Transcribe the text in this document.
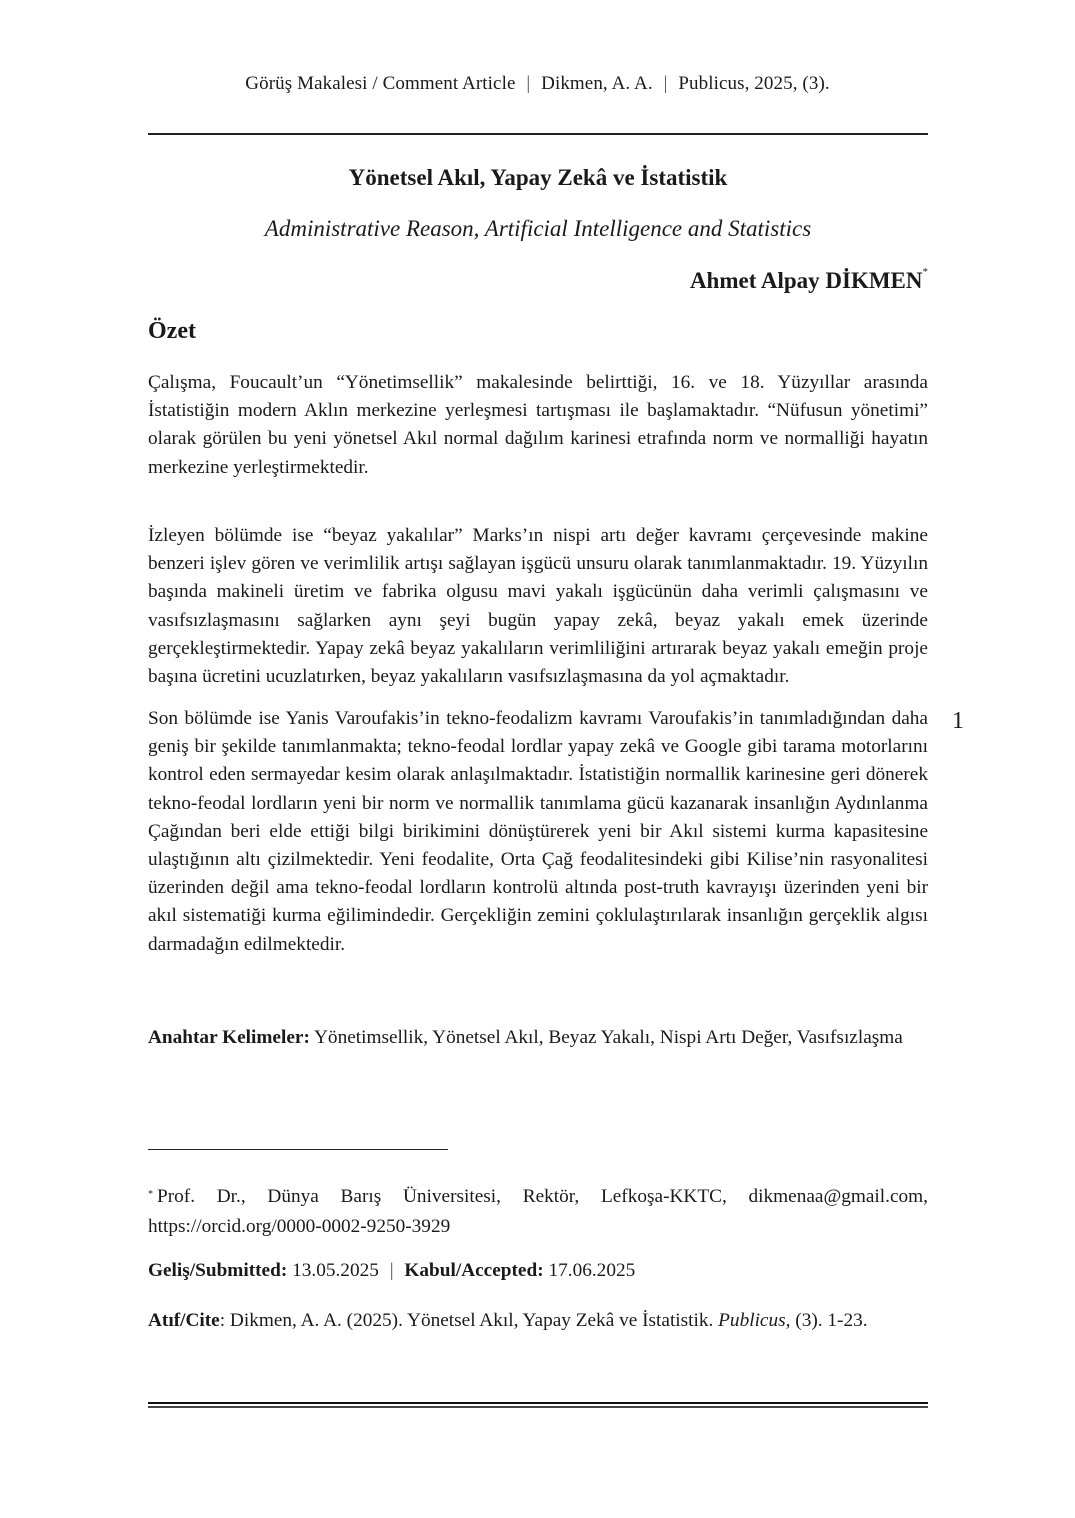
Görüş Makalesi / Comment Article | Dikmen, A. A. | Publicus, 2025, (3).
Yönetsel Akıl, Yapay Zekâ ve İstatistik
Administrative Reason, Artificial Intelligence and Statistics
Ahmet Alpay DİKMEN*
Özet

Çalışma, Foucault’un “Yönetimsellik” makalesinde belirttiği, 16. ve 18. Yüzyıllar arasında İstatistiğin modern Aklın merkezine yerleşmesi tartışması ile başlamaktadır. “Nüfusun yönetimi” olarak görülen bu yeni yönetsel Akıl normal dağılım karinesi etrafında norm ve normalliği hayatın merkezine yerleştirmektedir.

İzleyen bölümde ise “beyaz yakalılar” Marks’ın nispi artı değer kavramı çerçevesinde makine benzeri işlev gören ve verimlilik artışı sağlayan işgücü unsuru olarak tanımlanmaktadır. 19. Yüzyılın başında makineli üretim ve fabrika olgusu mavi yakalı işgücünün daha verimli çalışmasını ve vasıfsızlaşmasını sağlarken aynı şeyi bugün yapay zekâ, beyaz yakalı emek üzerinde gerçekleştirmektedir. Yapay zekâ beyaz yakalıların verimliliğini artırarak beyaz yakalı emeğin proje başına ücretini ucuzlatırken, beyaz yakalıların vasıfsızlaşmasına da yol açmaktadır.

Son bölümde ise Yanis Varoufakis’in tekno-feodalizm kavramı Varoufakis’in tanımladığından daha geniş bir şekilde tanımlanmakta; tekno-feodal lordlar yapay zekâ ve Google gibi tarama motorlarını kontrol eden sermayedar kesim olarak anlaşılmaktadır. İstatistiğin normallik karinesine geri dönerek tekno-feodal lordların yeni bir norm ve normallik tanımlama gücü kazanarak insanlığın Aydınlanma Çağından beri elde ettiği bilgi birikimini dönüştürerek yeni bir Akıl sistemi kurma kapasitesine ulaştığının altı çizilmektedir. Yeni feodalite, Orta Çağ feodalitesindeki gibi Kilise’nin rasyonalitesi üzerinden değil ama tekno-feodal lordların kontrolü altında post-truth kavrayışı üzerinden yeni bir akıl sistematiği kurma eğilimindedir. Gerçekliğin zemini çoklulaştırılarak insanlığın gerçeklik algısı darmadağın edilmektedir.

Anahtar Kelimeler: Yönetimsellik, Yönetsel Akıl, Beyaz Yakalı, Nispi Artı Değer, Vasıfsızlaşma

1

* Prof. Dr., Dünya Barış Üniversitesi, Rektör, Lefkoşa-KKTC, dikmenaa@gmail.com, https://orcid.org/0000-0002-9250-3929

Geliş/Submitted: 13.05.2025 | Kabul/Accepted: 17.06.2025

Atıf/Cite: Dikmen, A. A. (2025). Yönetsel Akıl, Yapay Zekâ ve İstatistik. Publicus, (3). 1-23.
